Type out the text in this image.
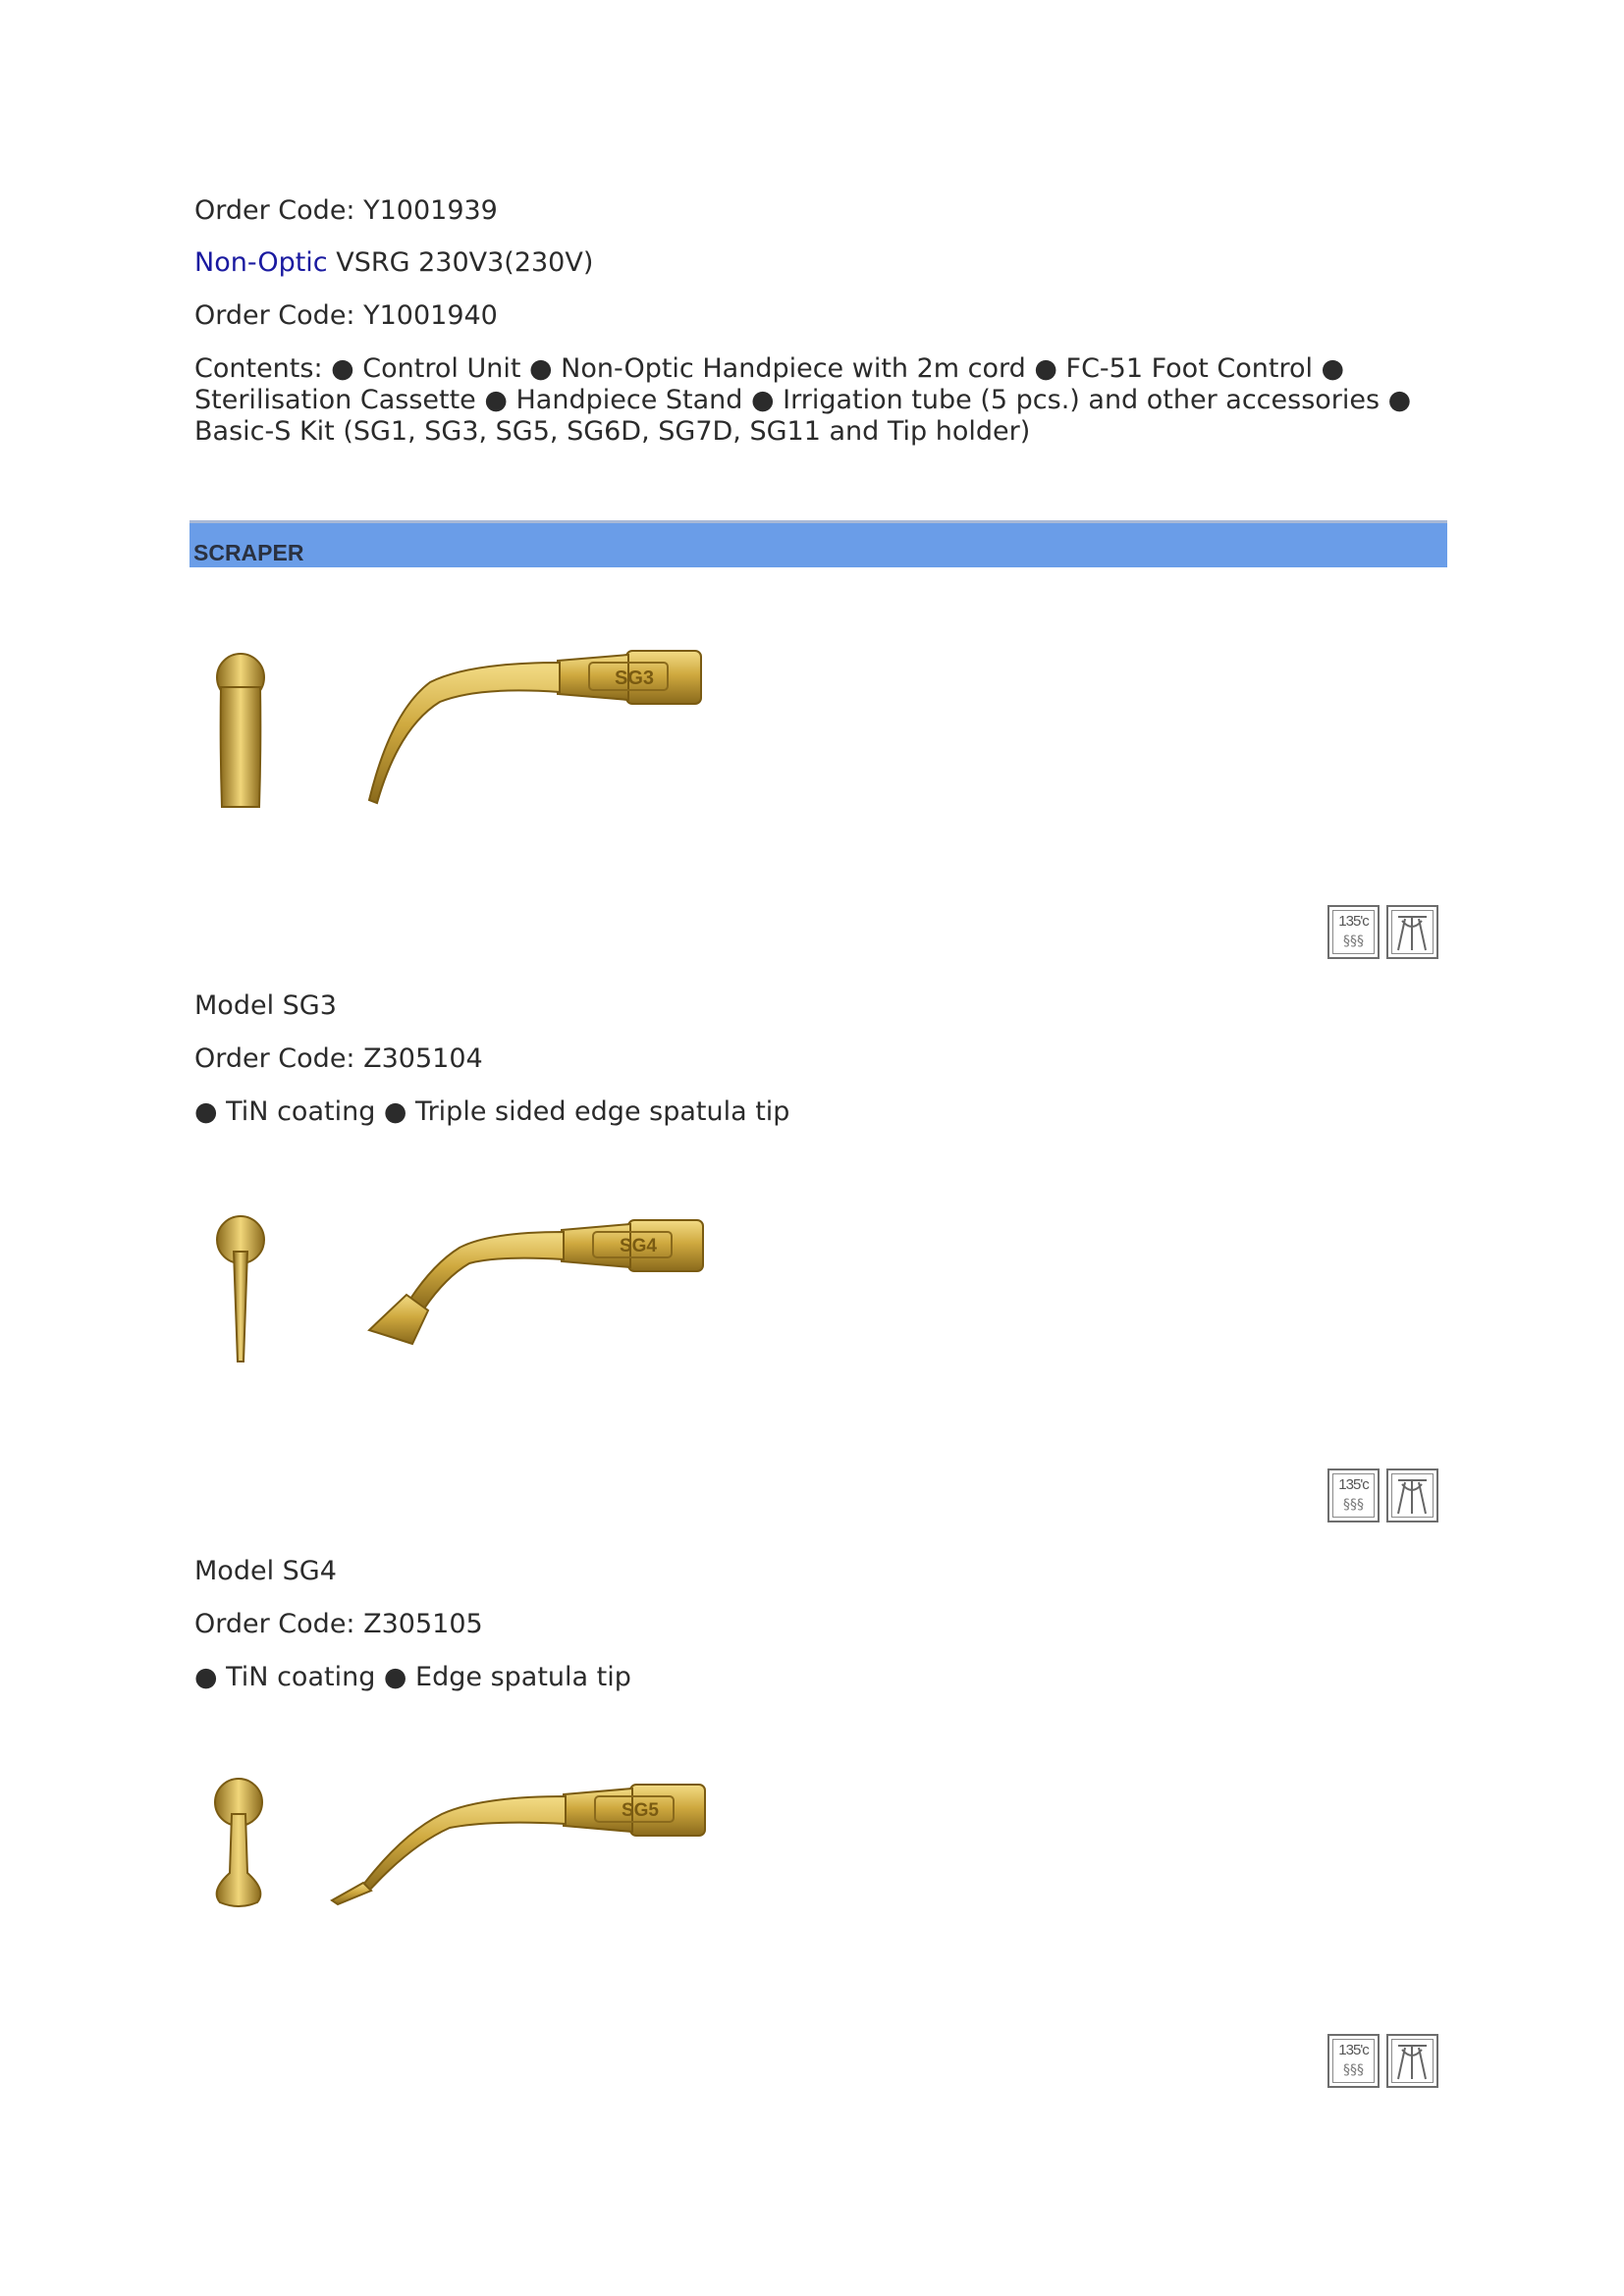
Order Code: Y1001939
Non-Optic VSRG 230V3(230V)
Order Code: Y1001940
Contents: ● Control Unit ● Non-Optic Handpiece with 2m cord ● FC-51 Foot Control ● Sterilisation Cassette ● Handpiece Stand ● Irrigation tube (5 pcs.) and other accessories ● Basic-S Kit (SG1, SG3, SG5, SG6D, SG7D, SG11 and Tip holder)
SCRAPER
SG3
135'c
§§§
Model SG3
Order Code: Z305104
● TiN coating ● Triple sided edge spatula tip
SG4
135'c
§§§
Model SG4
Order Code: Z305105
● TiN coating ● Edge spatula tip
SG5
135'c
§§§
